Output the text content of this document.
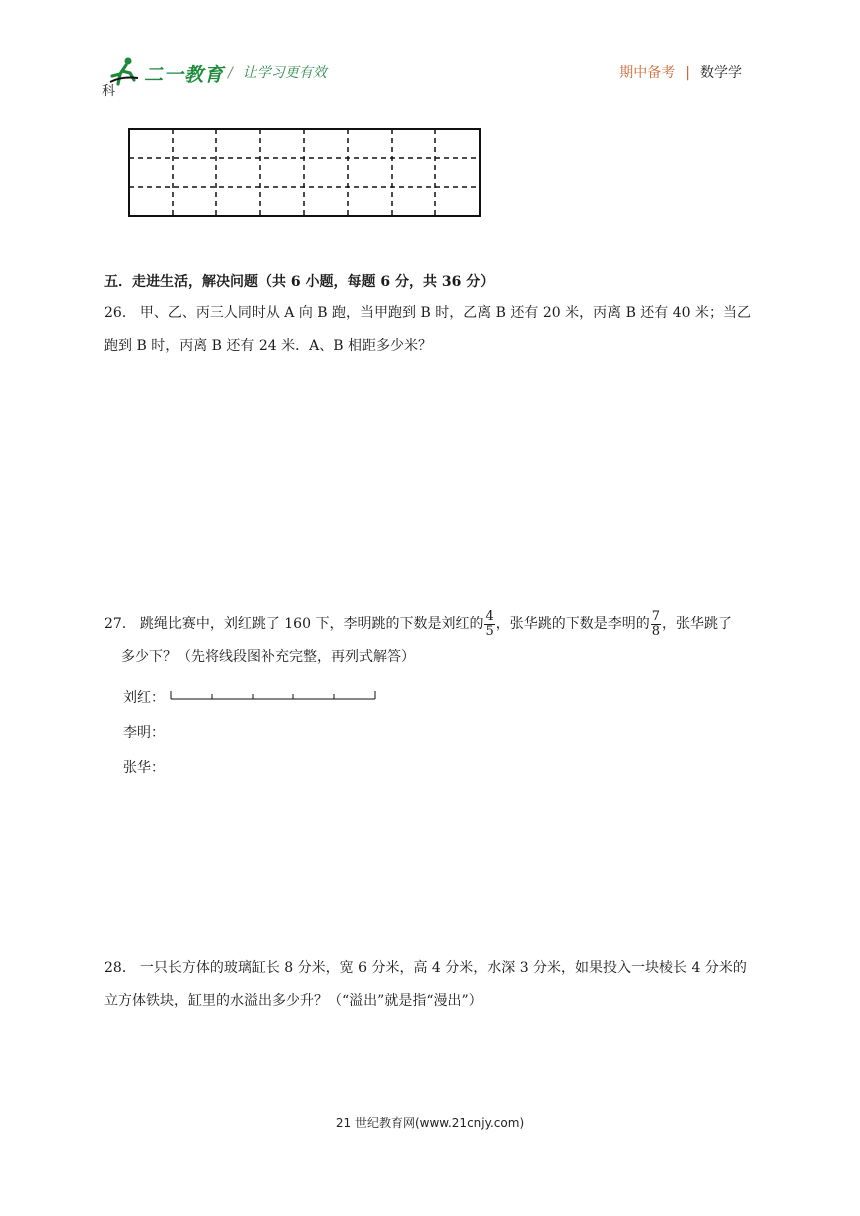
二一教育
科
/ 让学习更有效	期中备考 | 数学学
五．走进生活，解决问题（共 6 小题，每题 6 分，共 36 分）
26． 甲、乙、丙三人同时从 A 向 B 跑，当甲跑到 B 时，乙离 B 还有 20 米，丙离 B 还有 40 米；当乙跑到 B 时，丙离 B 还有 24 米．A、B 相距多少米？
27． 跳绳比赛中，刘红跳了 160 下，李明跳的下数是刘红的 $\frac{4}{5}$ ，张华跳的下数是李明的 $\frac{7}{8}$ ，张华跳了
多少下？（先将线段图补充完整，再列式解答）
刘红：
李明：
张华：
28． 一只长方体的玻璃缸长 8 分米，宽 6 分米，高 4 分米，水深 3 分米，如果投入一块棱长 4 分米的立方体铁块，缸里的水溢出多少升？（“溢出”就是指“漫出”）
21 世纪教育网(www.21cnjy.com)
